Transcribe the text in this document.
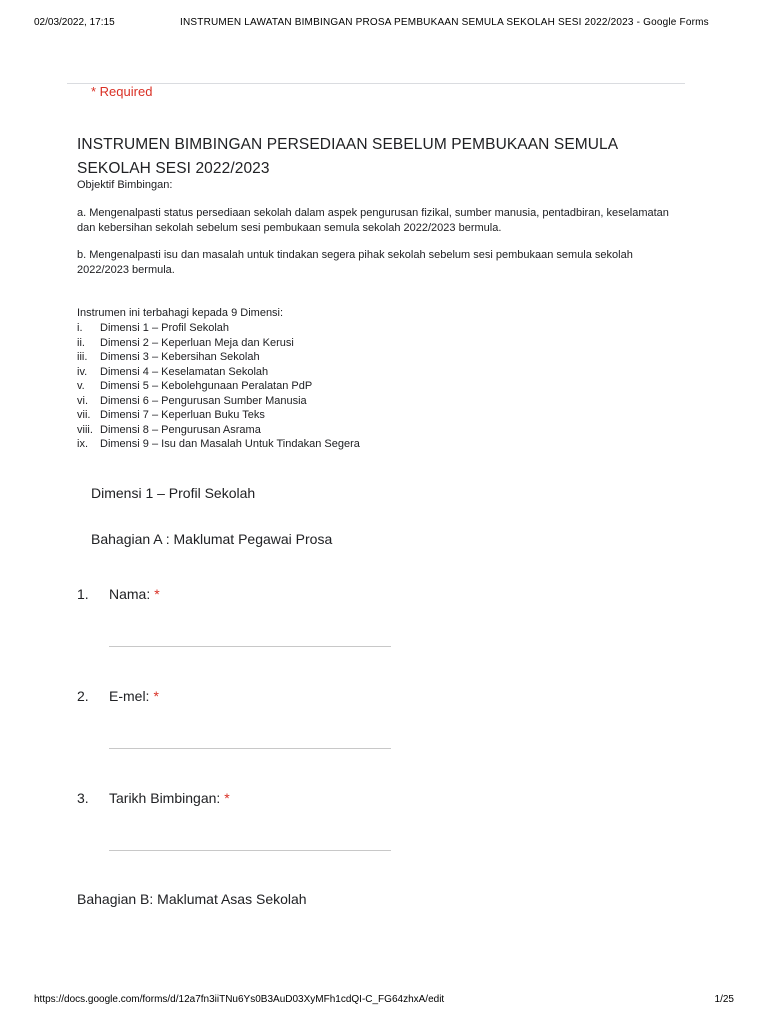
02/03/2022, 17:15	INSTRUMEN LAWATAN BIMBINGAN PROSA PEMBUKAAN SEMULA SEKOLAH SESI 2022/2023 - Google Forms
* Required
INSTRUMEN BIMBINGAN PERSEDIAAN SEBELUM PEMBUKAAN SEMULA SEKOLAH SESI 2022/2023
Objektif Bimbingan:
a. Mengenalpasti status persediaan sekolah dalam aspek pengurusan fizikal, sumber manusia, pentadbiran, keselamatan dan kebersihan sekolah sebelum sesi pembukaan semula sekolah 2022/2023 bermula.
b. Mengenalpasti isu dan masalah untuk tindakan segera pihak sekolah sebelum sesi pembukaan semula sekolah 2022/2023 bermula.
Instrumen ini terbahagi kepada 9 Dimensi:
i.	Dimensi 1 – Profil Sekolah
ii.	Dimensi 2 – Keperluan Meja dan Kerusi
iii.	Dimensi 3 – Kebersihan Sekolah
iv.	Dimensi 4 – Keselamatan Sekolah
v.	Dimensi 5 – Kebolehgunaan Peralatan PdP
vi.	Dimensi 6 – Pengurusan Sumber Manusia
vii. Dimensi 7 – Keperluan Buku Teks
viii. Dimensi 8 – Pengurusan Asrama
ix.	Dimensi 9 – Isu dan Masalah Untuk Tindakan Segera
Dimensi 1 – Profil Sekolah
Bahagian A : Maklumat Pegawai Prosa
1.	Nama: *
2.	E-mel: *
3.	Tarikh Bimbingan: *
Bahagian B: Maklumat Asas Sekolah
https://docs.google.com/forms/d/12a7fn3iiTNu6Ys0B3AuD03XyMFh1cdQI-C_FG64zhxA/edit	1/25
